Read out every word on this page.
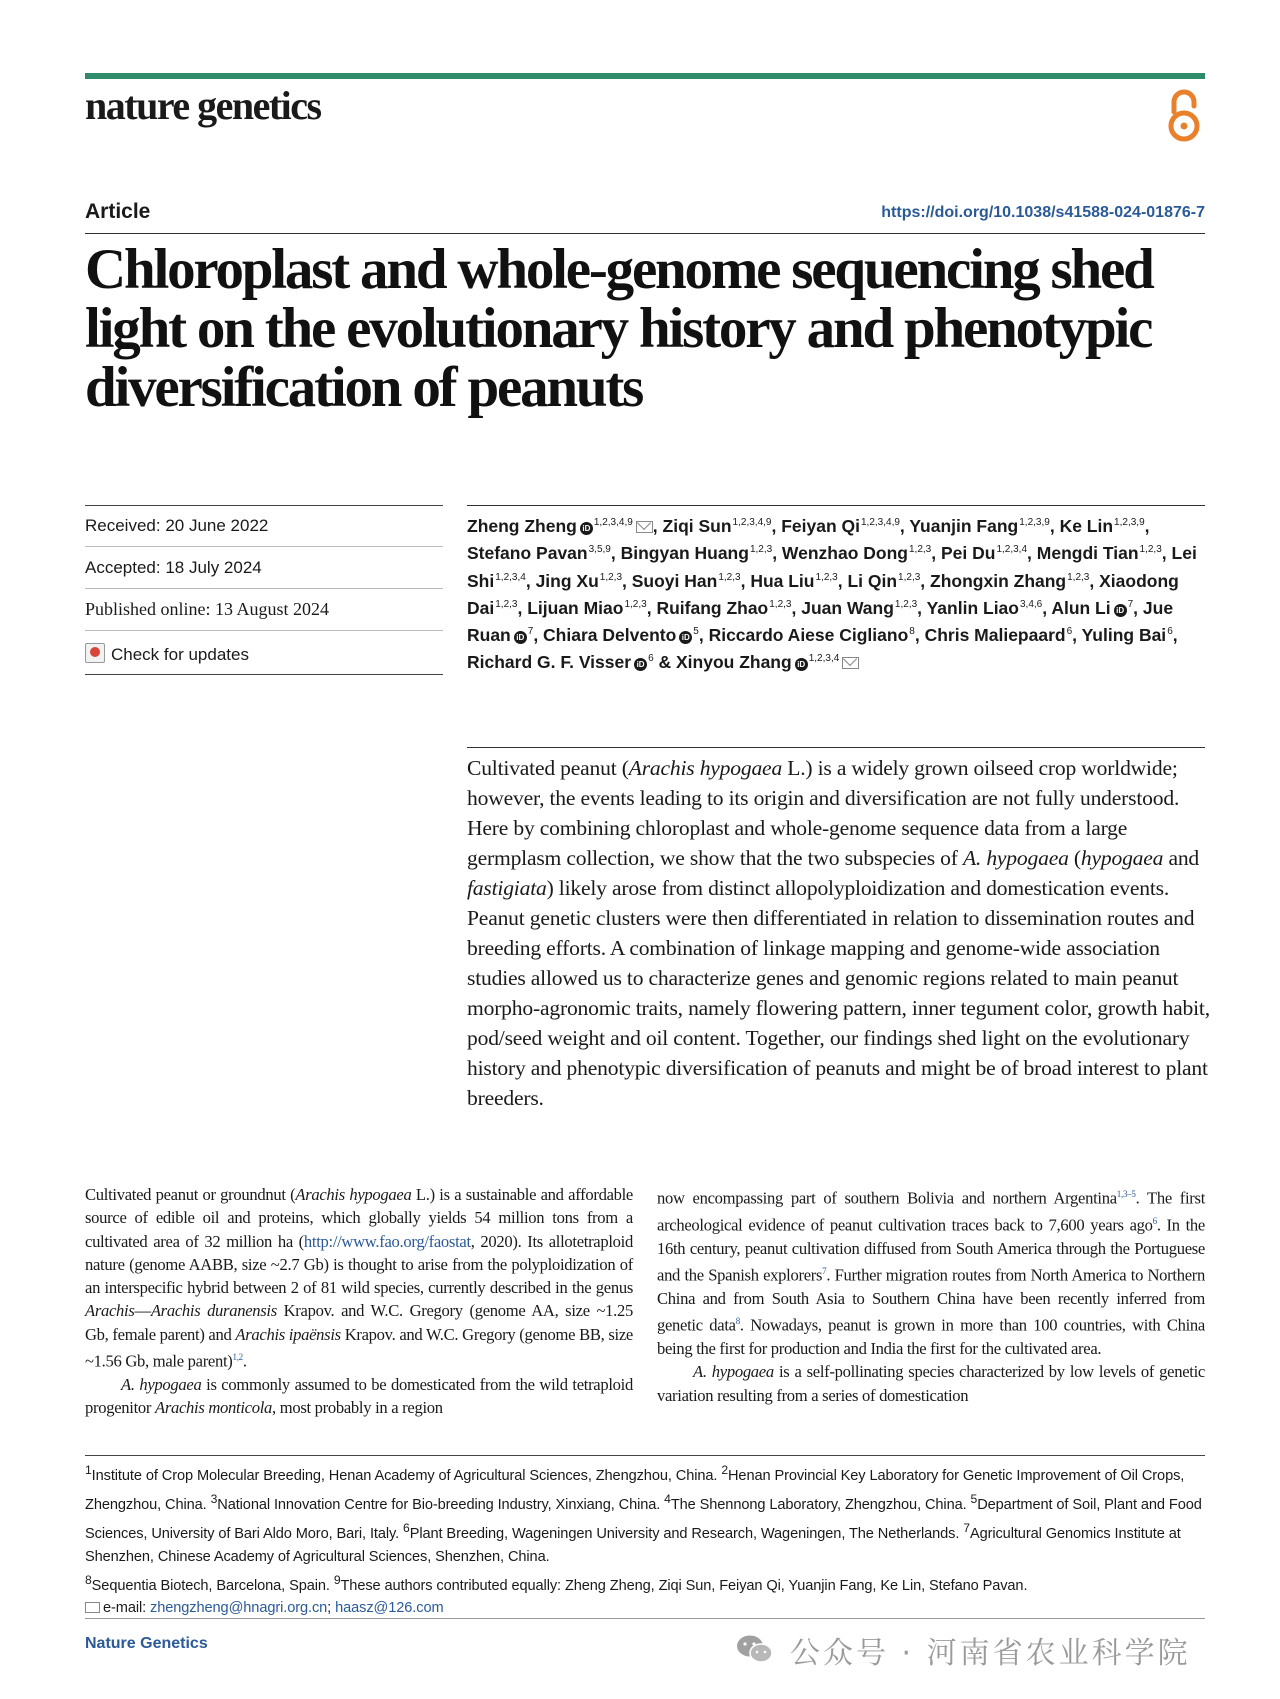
nature genetics
Article	https://doi.org/10.1038/s41588-024-01876-7
Chloroplast and whole-genome sequencing shed light on the evolutionary history and phenotypic diversification of peanuts
Received: 20 June 2022
Accepted: 18 July 2024
Published online: 13 August 2024
Check for updates
Zheng Zheng iD$^{1,2,3,4,9}$ , Ziqi Sun$^{1,2,3,4,9}$, Feiyan Qi$^{1,2,3,4,9}$, Yuanjin Fang$^{1,2,3,9}$, Ke Lin$^{1,2,3,9}$, Stefano Pavan$^{3,5,9}$, Bingyan Huang$^{1,2,3}$, Wenzhao Dong$^{1,2,3}$, Pei Du$^{1,2,3,4}$, Mengdi Tian$^{1,2,3}$, Lei Shi$^{1,2,3,4}$, Jing Xu$^{1,2,3}$, Suoyi Han$^{1,2,3}$, Hua Liu$^{1,2,3}$, Li Qin$^{1,2,3}$, Zhongxin Zhang$^{1,2,3}$, Xiaodong Dai$^{1,2,3}$, Lijuan Miao$^{1,2,3}$, Ruifang Zhao$^{1,2,3}$, Juan Wang$^{1,2,3}$, Yanlin Liao$^{3,4,6}$, Alun Li $iD^7$, Jue Ruan $iD^7$, Chiara Delvento $iD^5$, Riccardo Aiese Cigliano$^8$, Chris Maliepaard$^6$, Yuling Bai$^6$, Richard G. F. Visser $iD^6$ & Xinyou Zhang iD$^{1,2,3,4}$

Cultivated peanut (Arachis hypogaea L.) is a widely grown oilseed crop worldwide; however, the events leading to its origin and diversification are not fully understood. Here by combining chloroplast and whole-genome sequence data from a large germplasm collection, we show that the two subspecies of A. hypogaea (hypogaea and fastigiata) likely arose from distinct allopolyploidization and domestication events. Peanut genetic clusters were then differentiated in relation to dissemination routes and breeding efforts. A combination of linkage mapping and genome-wide association studies allowed us to characterize genes and genomic regions related to main peanut morpho-agronomic traits, namely flowering pattern, inner tegument color, growth habit, pod/seed weight and oil content. Together, our findings shed light on the evolutionary history and phenotypic diversification of peanuts and might be of broad interest to plant breeders.

Cultivated peanut or groundnut (Arachis hypogaea L.) is a sustainable and affordable source of edible oil and proteins, which globally yields 54 million tons from a cultivated area of 32 million ha (http://www.fao.org/faostat, 2020). Its allotetraploid nature (genome AABB, size ~2.7 Gb) is thought to arise from the polyploidization of an interspecific hybrid between 2 of 81 wild species, currently described in the genus Arachis—Arachis duranensis Krapov. and W.C. Gregory (genome AA, size ~1.25 Gb, female parent) and Arachis ipaënsis Krapov. and W.C. Gregory (genome BB, size ~1.56 Gb, male parent)$^{1,2}$.

A. hypogaea is commonly assumed to be domesticated from the wild tetraploid progenitor Arachis monticola, most probably in a region

now encompassing part of southern Bolivia and northern Argentina$^{1,3-5}$. The first archeological evidence of peanut cultivation traces back to 7,600 years ago$^6$. In the 16th century, peanut cultivation diffused from South America through the Portuguese and the Spanish explorers$^7$. Further migration routes from North America to Northern China and from South Asia to Southern China have been recently inferred from genetic data$^8$. Nowadays, peanut is grown in more than 100 countries, with China being the first for production and India the first for the cultivated area.

A. hypogaea is a self-pollinating species characterized by low levels of genetic variation resulting from a series of domestication

$^1$Institute of Crop Molecular Breeding, Henan Academy of Agricultural Sciences, Zhengzhou, China. $^2$Henan Provincial Key Laboratory for Genetic Improvement of Oil Crops, Zhengzhou, China. $^3$National Innovation Centre for Bio-breeding Industry, Xinxiang, China. $^4$The Shennong Laboratory, Zhengzhou, China. $^5$Department of Soil, Plant and Food Sciences, University of Bari Aldo Moro, Bari, Italy. $^6$Plant Breeding, Wageningen University and Research, Wageningen, The Netherlands. $^7$Agricultural Genomics Institute at Shenzhen, Chinese Academy of Agricultural Sciences, Shenzhen, China.
$^8$Sequentia Biotech, Barcelona, Spain. $^9$These authors contributed equally: Zheng Zheng, Ziqi Sun, Feiyan Qi, Yuanjin Fang, Ke Lin, Stefano Pavan.

e-mail: zhengzheng@hnagri.org.cn; haasz@126.com

Nature Genetics	公众号 · 河南省农业科学院
